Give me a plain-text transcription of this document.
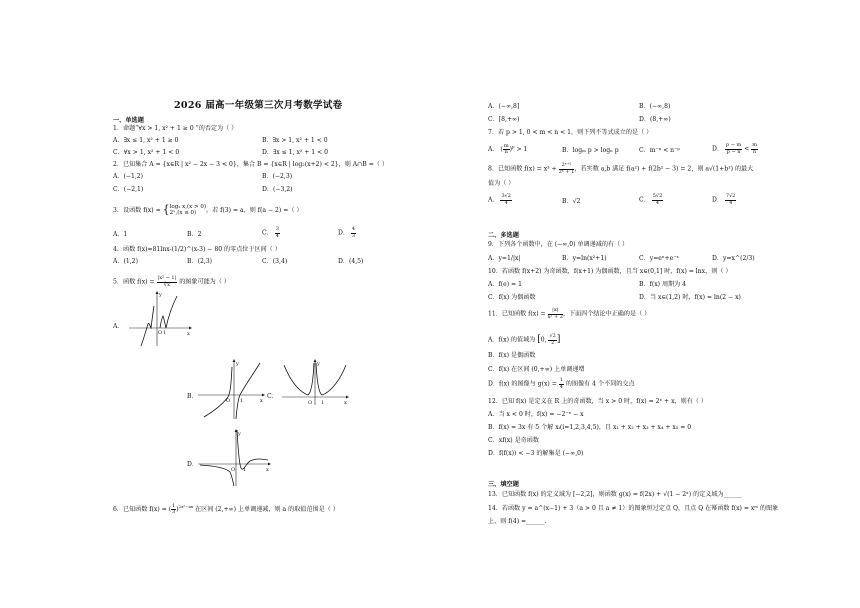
2026 届高一年级第三次月考数学试卷
一、单选题
1．命题“∀x > 1, x² + 1 ≥ 0 ”的否定为（ ）
A．∃x ≤ 1, x² + 1 ≥ 0	B．∃x > 1, x² + 1 < 0
C．∀x > 1, x² + 1 < 0	D．∃x ≤ 1, x² + 1 < 0
2．已知集合 A = {x∈R | x² − 2x − 3 < 0}，集合 B = {x∈R | log₂(x+2) < 2}，则 A∩B =（ ）
A．(−1,2)	B．(−2,3)
C．(−2,1)	D．(−3,2)
3．设函数 f(x) = { log₂ x,(x > 0)
2ˣ,(x ≤ 0)	，若 f(3) = a，则 f(a − 2) =（ ）
A．1	B．2	C． $\frac{3}{4}$	D． $\frac{4}{3}$
4．函数 f(x)=81lnx-(1/2)^(x-3) − 80 的零点位于区间（ ）
A．(1,2)	B．(2,3)	C．(3,4)	D．(4,5)
5．函数 $f(x) = \frac{\text{|x² − 1|}}{∛x}$ 的图象可能为（ ）
A．
y
x
O 1
B．
y
x
O 1
C．
y
x
O 1
D．
y
x
O 1
6．已知函数 f(x) = ( $\frac{1}{3} )^{2x^2-ax}$ 在区间 (2,+∞) 上单调递减，则 a 的取值范围是（ ）
A．(−∞,8]	B．(−∞,8)
C．[8,+∞)	D．(8,+∞)
7．若 p > 1, 0 < m < n < 1，则下列不等式成立的是（ ）
A． ( $\frac{m}{n} )^p > 1$	B．logₘ p > logₙ p	C．m⁻ᵖ < n⁻ᵖ	D． $\frac{p - m}{p - n} < \frac{m}{n}$
8．已知函数 $f(x) = x^3 + \frac{\text{2ˣ⁺¹}}{\text{2ˣ + 1}}$ ，若实数 a,b 满足 f(a²) + f(2b² − 3) = 2，则 a√(1+b²) 的最大
值为（ ）
A． $\frac{3√2}{4}$	B．√2	C． $\frac{5√2}{4}$	D． $\frac{7√2}{4}$
二、多选题
9．下列各个函数中，在 (−∞,0) 单调递减的有（ ）
A．y=1/|x|	B．y=ln(x²+1)	C．y=eˣ+e⁻ˣ	D．y=x^(2/3)
10．若函数 f(x+2) 为奇函数，f(x+1) 为偶函数，且当 x∈(0,1] 时，f(x) = lnx，则（ ）
A．f(e) = 1	B．f(x) 周期为 4
C．f(x) 为偶函数	D．当 x∈(1,2) 时，f(x) = ln(2 − x)
11．已知函数 $f(x) = \frac{|x|}{\text{x² + 2}}$ ，下面四个结论中正确的是（ ）
A．f(x) 的值域为 [0, $\frac{√2}{2}$ ]
B．f(x) 是偶函数
C．f(x) 在区间 (0,+∞) 上单调递增
D．f(x) 的图像与 $g(x) = \frac{1}{4}$ 的图像有 4 个不同的交点
12．已知 f(x) 是定义在 R 上的奇函数，当 x > 0 时，f(x) = 2ˣ + x，则有（ ）
A．当 x < 0 时，f(x) = −2⁻ˣ − x
B．f(x) = 3x 有 5 个解 xᵢ(i=1,2,3,4,5)，且 x₁ + x₂ + x₃ + x₄ + x₅ = 0
C．xf(x) 是奇函数
D．f(f(x)) < −3 的解集是 (−∞,0)
三、填空题
13．已知函数 f(x) 的定义域为 [−2,2]，则函数 g(x) = f(2x) + √(1 − 2ˣ) 的定义域为______
14．若函数 y = a^(x−1) + 3（a > 0 且 a ≠ 1）的图象恒过定点 Q，且点 Q 在幂函数 f(x) = xᵐ 的图象
上，则 f(4) =______.
